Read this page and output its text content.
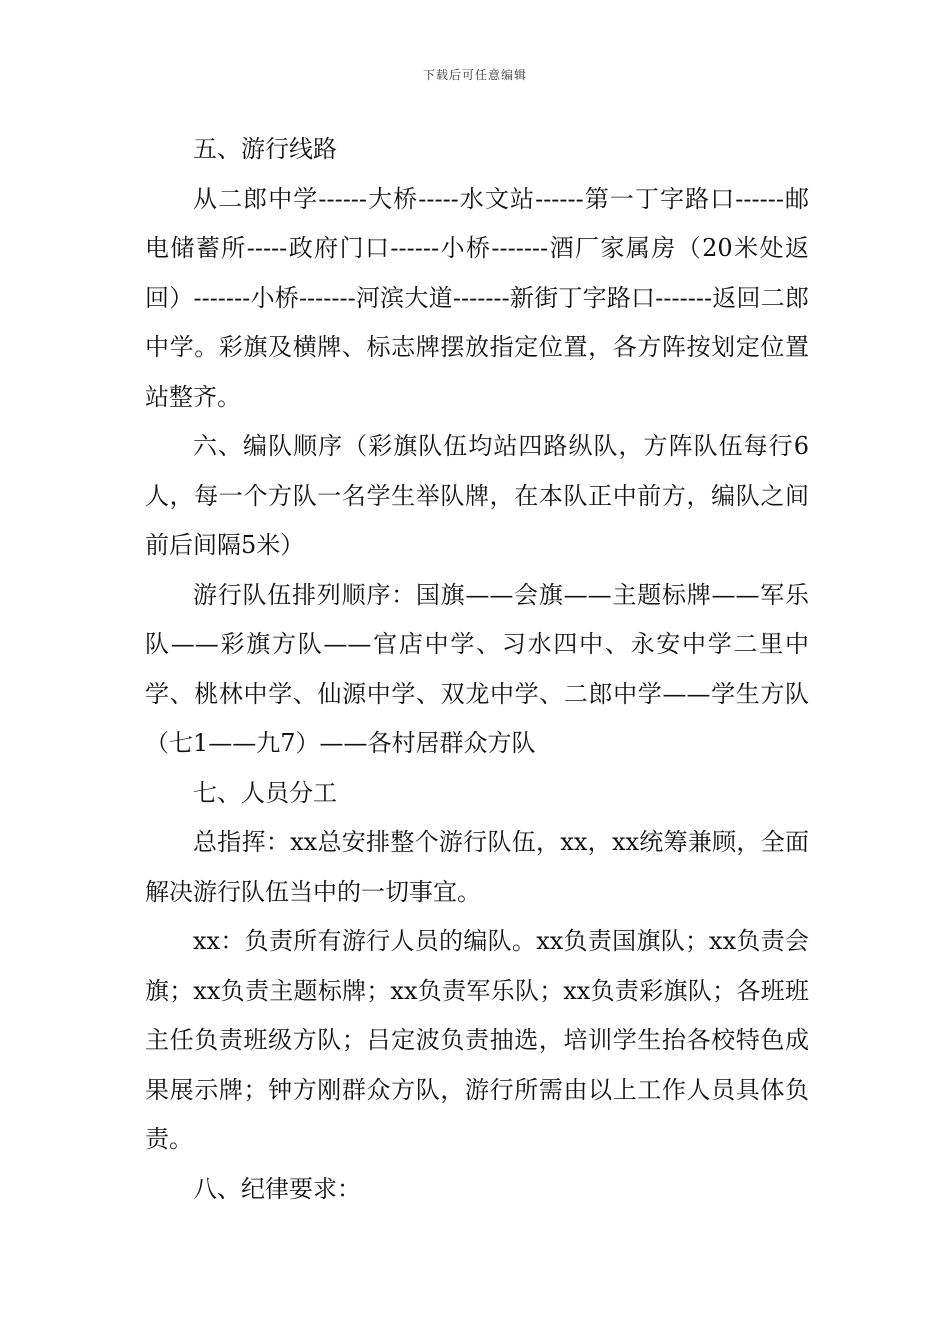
下载后可任意编辑

五、游行线路

从二郎中学------大桥-----水文站------第一丁字路口------邮电储蓄所-----政府门口------小桥-------酒厂家属房（20米处返回）-------小桥-------河滨大道-------新街丁字路口-------返回二郎中学。彩旗及横牌、标志牌摆放指定位置，各方阵按划定位置站整齐。

六、编队顺序（彩旗队伍均站四路纵队，方阵队伍每行6人，每一个方队一名学生举队牌，在本队正中前方，编队之间前后间隔5米）

游行队伍排列顺序：国旗——会旗——主题标牌——军乐队——彩旗方队——官店中学、习水四中、永安中学二里中学、桃林中学、仙源中学、双龙中学、二郎中学——学生方队（七1——九7）——各村居群众方队

七、人员分工

总指挥：xx总安排整个游行队伍，xx，xx统筹兼顾，全面解决游行队伍当中的一切事宜。

xx：负责所有游行人员的编队。xx负责国旗队；xx负责会旗；xx负责主题标牌；xx负责军乐队；xx负责彩旗队；各班班主任负责班级方队；吕定波负责抽选，培训学生抬各校特色成果展示牌；钟方刚群众方队，游行所需由以上工作人员具体负责。

八、纪律要求：
